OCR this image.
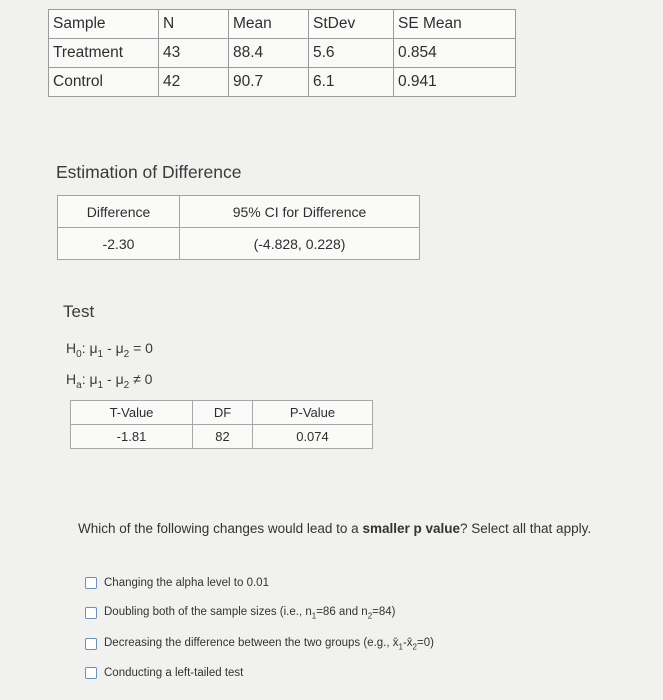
Sample	N	Mean	StDev	SE Mean
Treatment	43	88.4	5.6	0.854
Control	42	90.7	6.1	0.941
Estimation of Difference
Difference	95% CI for Difference
-2.30	(-4.828, 0.228)
Test
$H_0$: $\mu_1 - \mu_2 = 0$
$H_a$: $\mu_1 - \mu_2 \ne 0$
T-Value	DF	P-Value
-1.81	82	0.074
Which of the following changes would lead to a smaller p value? Select all that apply.
Changing the alpha level to 0.01
Doubling both of the sample sizes (i.e., $n_1=86$ and $n_2=84$)
Decreasing the difference between the two groups (e.g., $x̄_1-x̄_2=0$)
Conducting a left-tailed test
